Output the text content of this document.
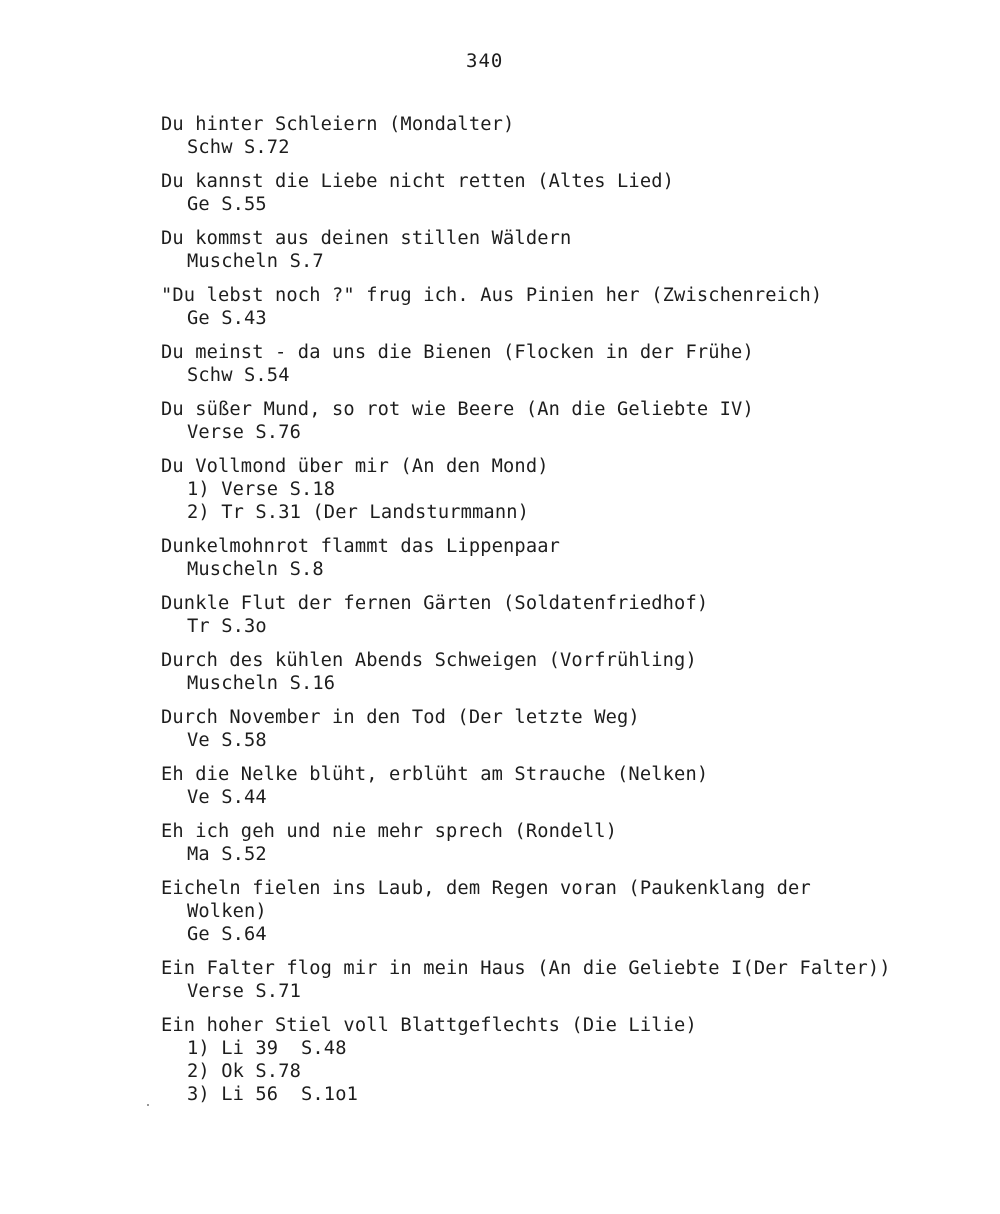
340
Du hinter Schleiern (Mondalter)
Schw S.72
Du kannst die Liebe nicht retten (Altes Lied)
Ge S.55
Du kommst aus deinen stillen Wäldern
Muscheln S.7
"Du lebst noch ?" frug ich. Aus Pinien her (Zwischenreich)
Ge S.43
Du meinst - da uns die Bienen (Flocken in der Frühe)
Schw S.54
Du süßer Mund, so rot wie Beere (An die Geliebte IV)
Verse S.76
Du Vollmond über mir (An den Mond)
1) Verse S.18
2) Tr S.31 (Der Landsturmmann)
Dunkelmohnrot flammt das Lippenpaar
Muscheln S.8
Dunkle Flut der fernen Gärten (Soldatenfriedhof)
Tr S.3o
Durch des kühlen Abends Schweigen (Vorfrühling)
Muscheln S.16
Durch November in den Tod (Der letzte Weg)
Ve S.58
Eh die Nelke blüht, erblüht am Strauche (Nelken)
Ve S.44
Eh ich geh und nie mehr sprech (Rondell)
Ma S.52
Eicheln fielen ins Laub, dem Regen voran (Paukenklang der
Wolken)
Ge S.64
Ein Falter flog mir in mein Haus (An die Geliebte I(Der Falter))
Verse S.71
Ein hoher Stiel voll Blattgeflechts (Die Lilie)
1) Li 39  S.48
2) Ok S.78
3) Li 56  S.1o1
